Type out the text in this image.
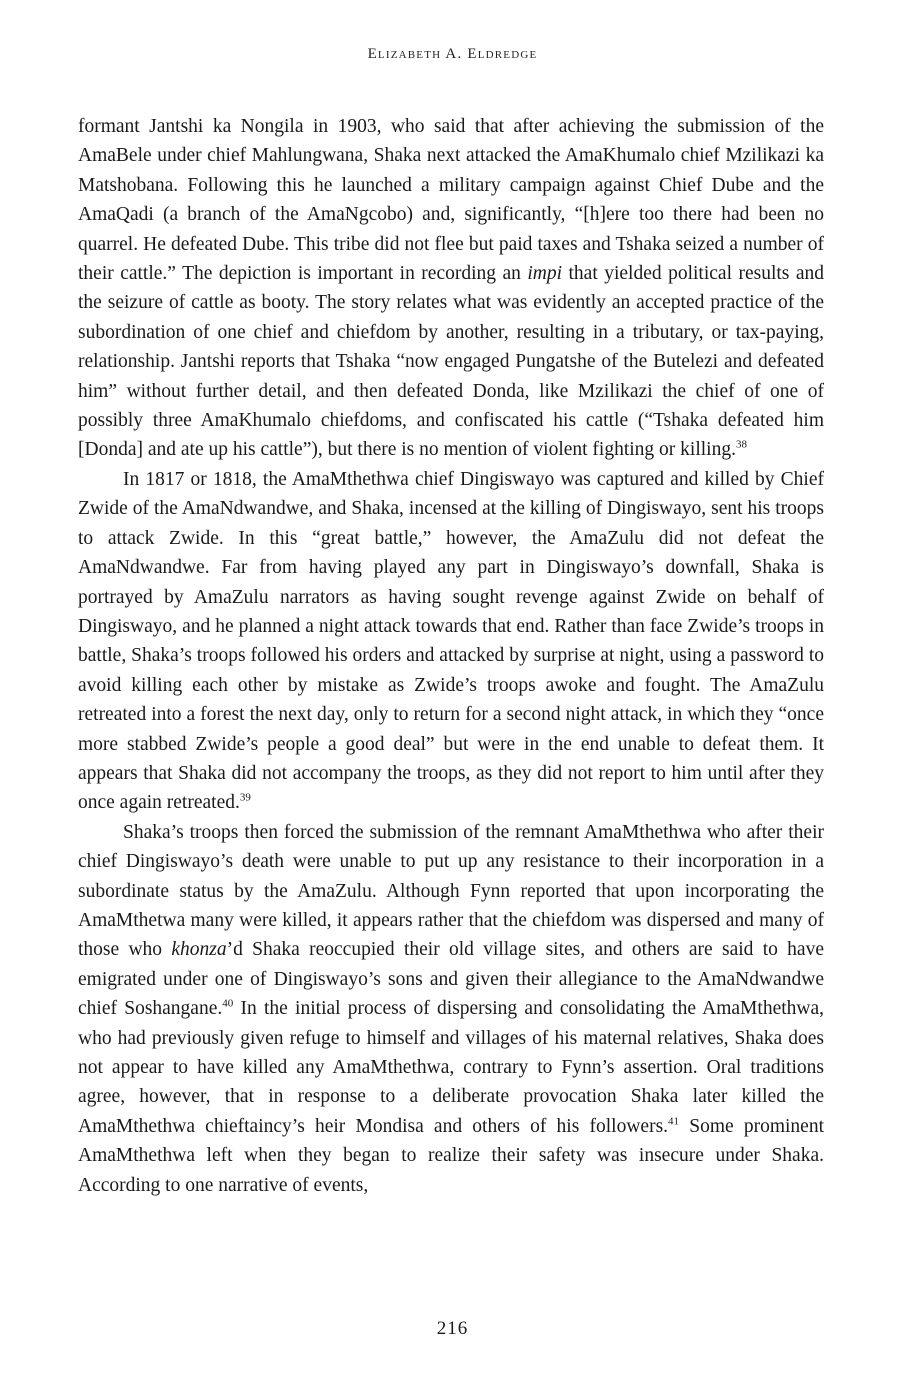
Elizabeth A. Eldredge

formant Jantshi ka Nongila in 1903, who said that after achieving the submission of the AmaBele under chief Mahlungwana, Shaka next attacked the AmaKhumalo chief Mzilikazi ka Matshobana. Following this he launched a military campaign against Chief Dube and the AmaQadi (a branch of the AmaNgcobo) and, significantly, “[h]ere too there had been no quarrel. He defeated Dube. This tribe did not flee but paid taxes and Tshaka seized a number of their cattle.” The depiction is important in recording an impi that yielded political results and the seizure of cattle as booty. The story relates what was evidently an accepted practice of the subordination of one chief and chiefdom by another, resulting in a tributary, or tax-paying, relationship. Jantshi reports that Tshaka “now engaged Pungatshe of the Butelezi and defeated him” without further detail, and then defeated Donda, like Mzilikazi the chief of one of possibly three AmaKhumalo chiefdoms, and confiscated his cattle (“Tshaka defeated him [Donda] and ate up his cattle”), but there is no mention of violent fighting or killing.$^{38}$

In 1817 or 1818, the AmaMthethwa chief Dingiswayo was captured and killed by Chief Zwide of the AmaNdwandwe, and Shaka, incensed at the killing of Dingiswayo, sent his troops to attack Zwide. In this “great battle,” however, the AmaZulu did not defeat the AmaNdwandwe. Far from having played any part in Dingiswayo’s downfall, Shaka is portrayed by AmaZulu narrators as having sought revenge against Zwide on behalf of Dingiswayo, and he planned a night attack towards that end. Rather than face Zwide’s troops in battle, Shaka’s troops followed his orders and attacked by surprise at night, using a password to avoid killing each other by mistake as Zwide’s troops awoke and fought. The AmaZulu retreated into a forest the next day, only to return for a second night attack, in which they “once more stabbed Zwide’s people a good deal” but were in the end unable to defeat them. It appears that Shaka did not accompany the troops, as they did not report to him until after they once again retreated.$^{39}$

Shaka’s troops then forced the submission of the remnant AmaMthethwa who after their chief Dingiswayo’s death were unable to put up any resistance to their incorporation in a subordinate status by the AmaZulu. Although Fynn reported that upon incorporating the AmaMthetwa many were killed, it appears rather that the chiefdom was dispersed and many of those who khonza’d Shaka reoccupied their old village sites, and others are said to have emigrated under one of Dingiswayo’s sons and given their allegiance to the AmaNdwandwe chief Soshangane.$^{40}$ In the initial process of dispersing and consolidating the AmaMthethwa, who had previously given refuge to himself and villages of his maternal relatives, Shaka does not appear to have killed any AmaMthethwa, contrary to Fynn’s assertion. Oral traditions agree, however, that in response to a deliberate provocation Shaka later killed the AmaMthethwa chieftaincy’s heir Mondisa and others of his followers.$^{41}$ Some prominent AmaMthethwa left when they began to realize their safety was insecure under Shaka. According to one narrative of events,

216
